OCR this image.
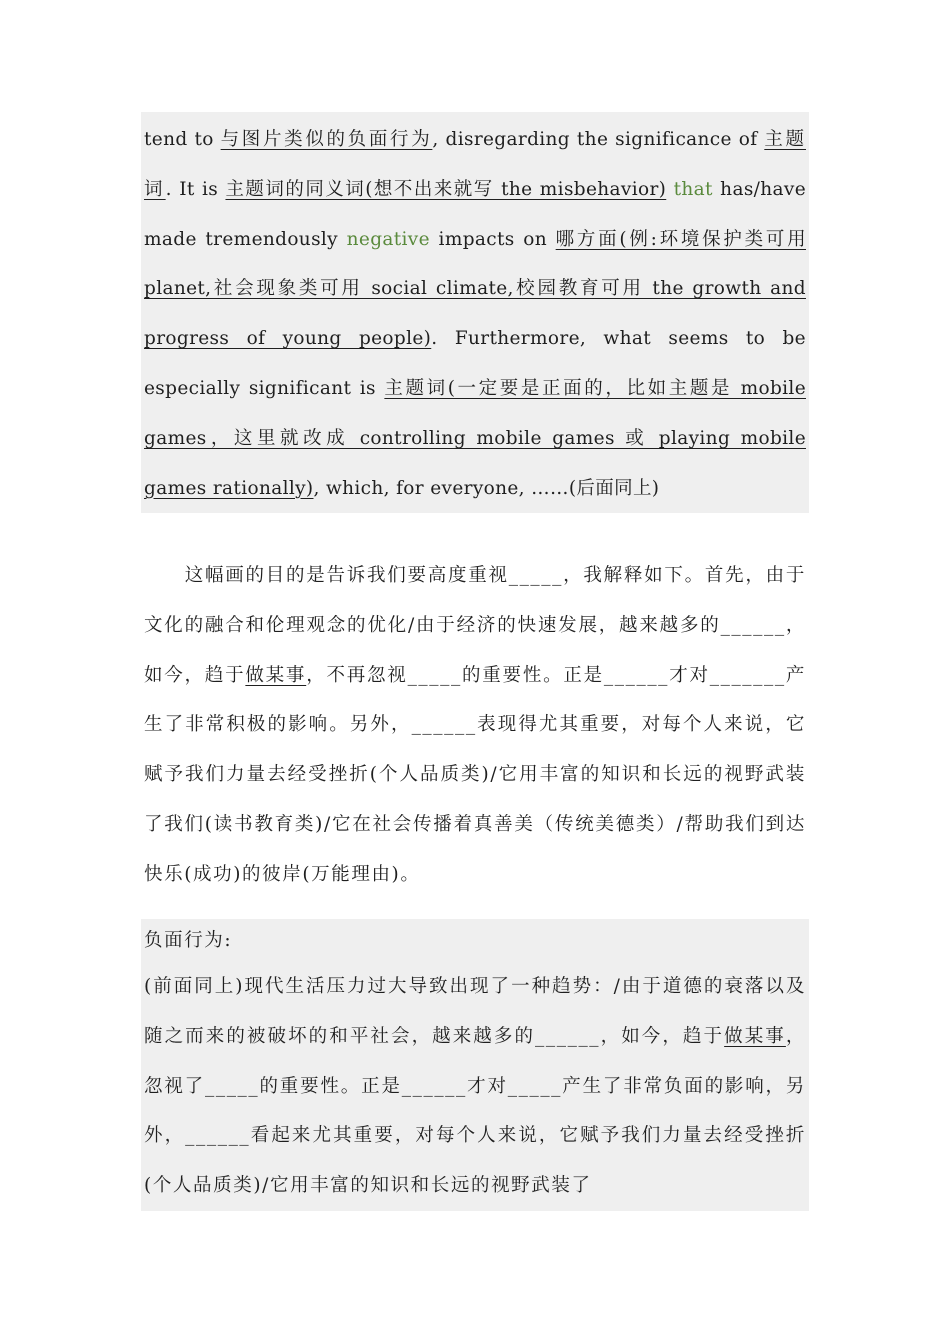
tend to 与图片类似的负面行为, disregarding the significance of 主题词. It is 主题词的同义词(想不出来就写 the misbehavior) that has/have made tremendously negative impacts on 哪方面(例:环境保护类可用 planet,社会现象类可用 social climate,校园教育可用 the growth and progress of young people). Furthermore, what seems to be especially significant is 主题词(一定要是正面的，比如主题是 mobile games，这里就改成 controlling mobile games 或 playing mobile games rationally), which, for everyone, ……(后面同上)

这幅画的目的是告诉我们要高度重视_____，我解释如下。首先，由于文化的融合和伦理观念的优化/由于经济的快速发展，越来越多的______，如今，趋于做某事，不再忽视_____的重要性。正是______才对_______产生了非常积极的影响。另外，______表现得尤其重要，对每个人来说，它赋予我们力量去经受挫折(个人品质类)/它用丰富的知识和长远的视野武装了我们(读书教育类)/它在社会传播着真善美（传统美德类）/帮助我们到达快乐(成功)的彼岸(万能理由)。

负面行为:

(前面同上)现代生活压力过大导致出现了一种趋势：/由于道德的衰落以及随之而来的被破坏的和平社会，越来越多的______，如今，趋于做某事，忽视了_____的重要性。正是______才对_____产生了非常负面的影响，另外，______看起来尤其重要，对每个人来说，它赋予我们力量去经受挫折(个人品质类)/它用丰富的知识和长远的视野武装了
